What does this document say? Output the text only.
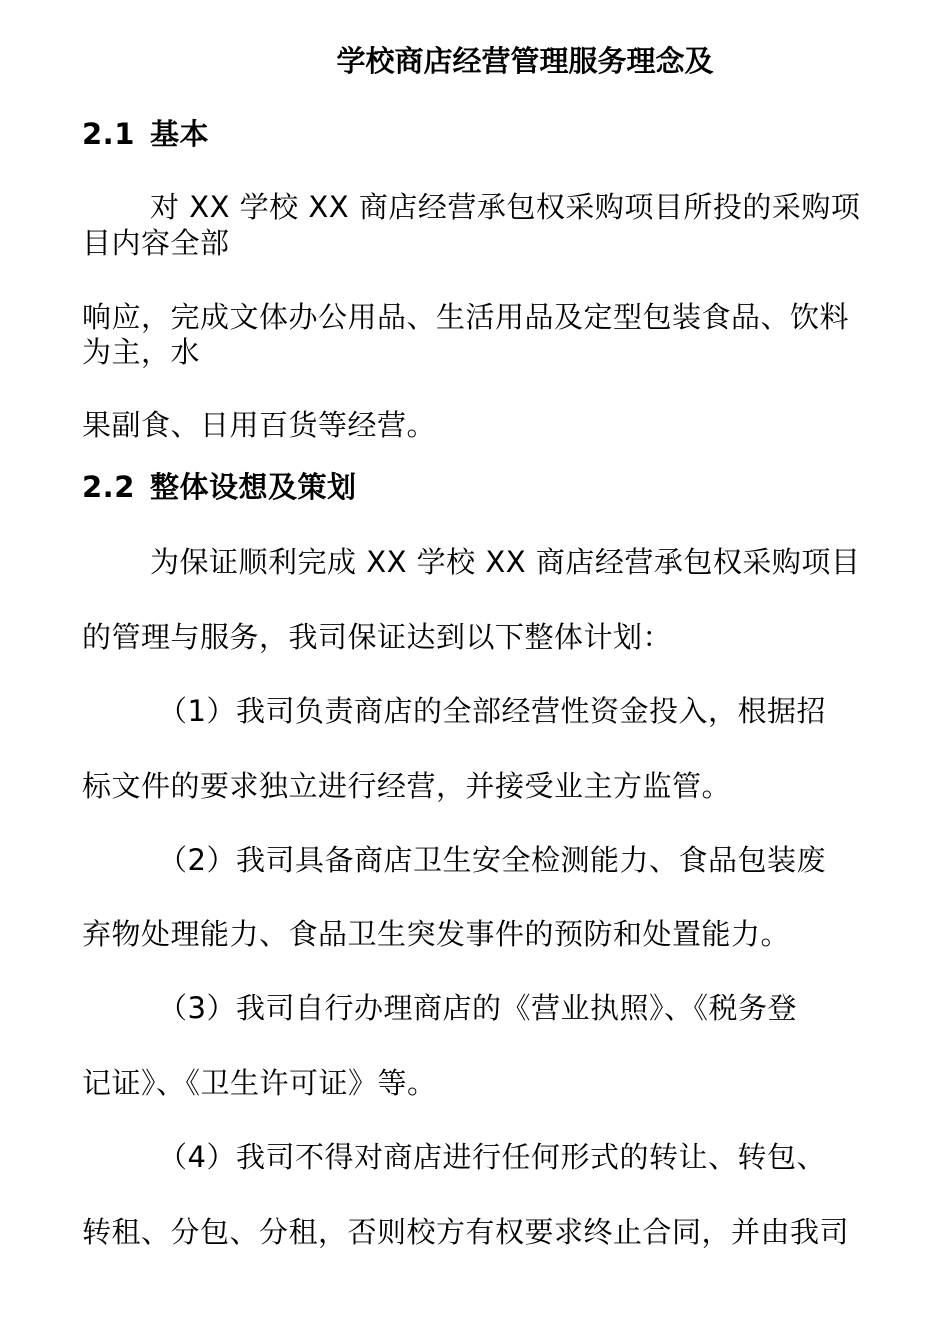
学校商店经营管理服务理念及
2.1 基本
对 XX 学校 XX 商店经营承包权采购项目所投的采购项
目内容全部
响应，完成文体办公用品、生活用品及定型包装食品、饮料
为主，水
果副食、日用百货等经营。
2.2 整体设想及策划
为保证顺利完成 XX 学校 XX 商店经营承包权采购项目
的管理与服务，我司保证达到以下整体计划：
（1）我司负责商店的全部经营性资金投入，根据招
标文件的要求独立进行经营，并接受业主方监管。
（2）我司具备商店卫生安全检测能力、食品包装废
弃物处理能力、食品卫生突发事件的预防和处置能力。
（3）我司自行办理商店的《营业执照》、《税务登
记证》、《卫生许可证》等。
（4）我司不得对商店进行任何形式的转让、转包、
转租、分包、分租，否则校方有权要求终止合同，并由我司
